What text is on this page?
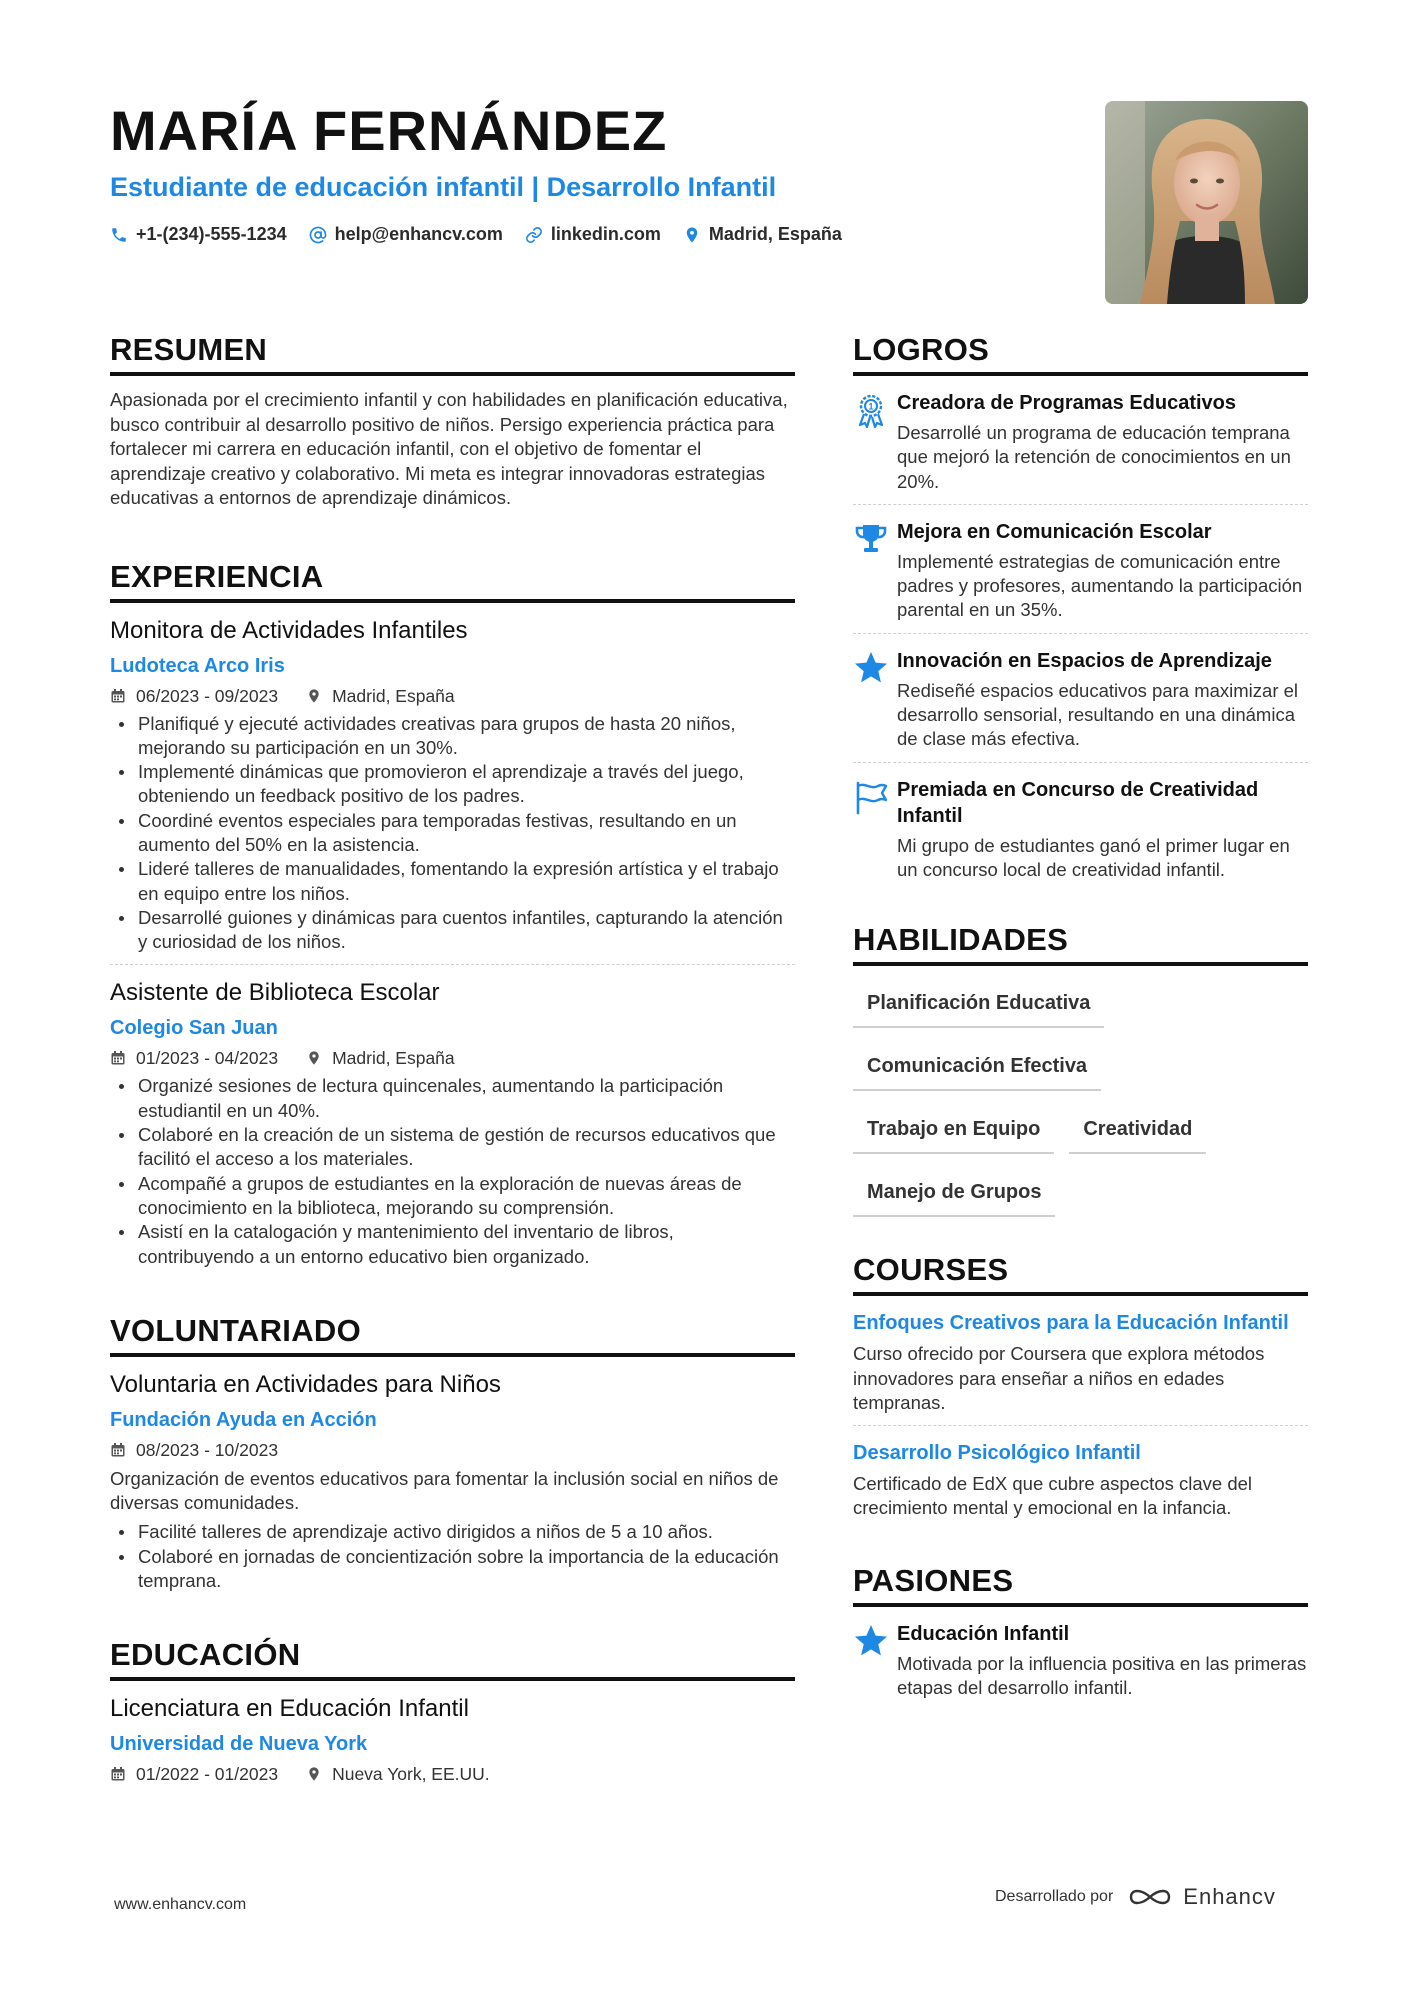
MARÍA FERNÁNDEZ
Estudiante de educación infantil | Desarrollo Infantil
+1-(234)-555-1234	help@enhancv.com	linkedin.com	Madrid, España
RESUMEN
Apasionada por el crecimiento infantil y con habilidades en planificación educativa, busco contribuir al desarrollo positivo de niños. Persigo experiencia práctica para fortalecer mi carrera en educación infantil, con el objetivo de fomentar el aprendizaje creativo y colaborativo. Mi meta es integrar innovadoras estrategias educativas a entornos de aprendizaje dinámicos.
EXPERIENCIA
Monitora de Actividades Infantiles
Ludoteca Arco Iris
06/2023 - 09/2023	Madrid, España
Planifiqué y ejecuté actividades creativas para grupos de hasta 20 niños, mejorando su participación en un 30%.
Implementé dinámicas que promovieron el aprendizaje a través del juego, obteniendo un feedback positivo de los padres.
Coordiné eventos especiales para temporadas festivas, resultando en un aumento del 50% en la asistencia.
Lideré talleres de manualidades, fomentando la expresión artística y el trabajo en equipo entre los niños.
Desarrollé guiones y dinámicas para cuentos infantiles, capturando la atención y curiosidad de los niños.
Asistente de Biblioteca Escolar
Colegio San Juan
01/2023 - 04/2023	Madrid, España
Organizé sesiones de lectura quincenales, aumentando la participación estudiantil en un 40%.
Colaboré en la creación de un sistema de gestión de recursos educativos que facilitó el acceso a los materiales.
Acompañé a grupos de estudiantes en la exploración de nuevas áreas de conocimiento en la biblioteca, mejorando su comprensión.
Asistí en la catalogación y mantenimiento del inventario de libros, contribuyendo a un entorno educativo bien organizado.
VOLUNTARIADO
Voluntaria en Actividades para Niños
Fundación Ayuda en Acción
08/2023 - 10/2023
Organización de eventos educativos para fomentar la inclusión social en niños de diversas comunidades.
Facilité talleres de aprendizaje activo dirigidos a niños de 5 a 10 años.
Colaboré en jornadas de concientización sobre la importancia de la educación temprana.
EDUCACIÓN
Licenciatura en Educación Infantil
Universidad de Nueva York
01/2022 - 01/2023	Nueva York, EE.UU.
LOGROS
1 Creadora de Programas Educativos
Desarrollé un programa de educación temprana que mejoró la retención de conocimientos en un 20%.
Mejora en Comunicación Escolar
Implementé estrategias de comunicación entre padres y profesores, aumentando la participación parental en un 35%.
Innovación en Espacios de Aprendizaje
Rediseñé espacios educativos para maximizar el desarrollo sensorial, resultando en una dinámica de clase más efectiva.
Premiada en Concurso de Creatividad Infantil
Mi grupo de estudiantes ganó el primer lugar en un concurso local de creatividad infantil.
HABILIDADES
Planificación Educativa
Comunicación Efectiva
Trabajo en Equipo	Creatividad
Manejo de Grupos
COURSES
Enfoques Creativos para la Educación Infantil
Curso ofrecido por Coursera que explora métodos innovadores para enseñar a niños en edades tempranas.
Desarrollo Psicológico Infantil
Certificado de EdX que cubre aspectos clave del crecimiento mental y emocional en la infancia.
PASIONES
Educación Infantil
Motivada por la influencia positiva en las primeras etapas del desarrollo infantil.
www.enhancv.com	Desarrollado por	Enhancv
